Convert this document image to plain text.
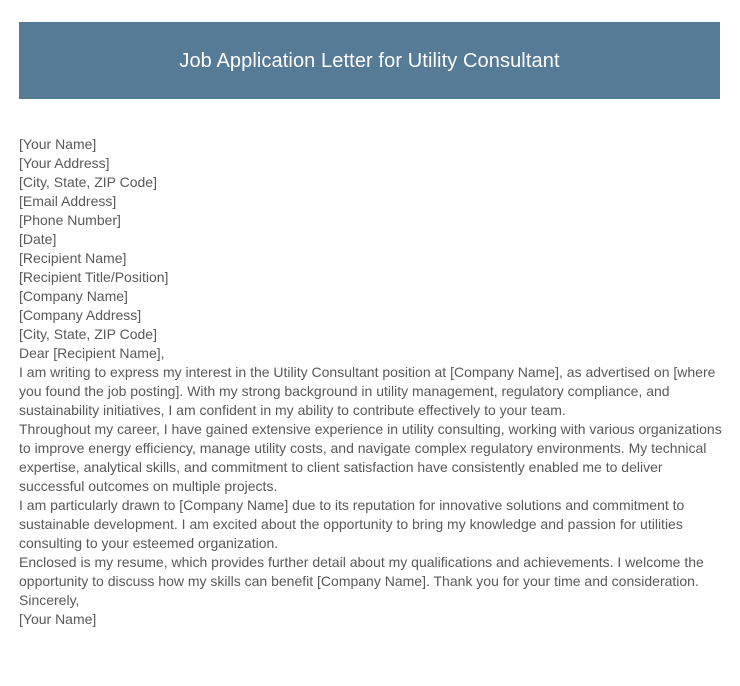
Job Application Letter for Utility Consultant
[Your Name]
[Your Address]
[City, State, ZIP Code]
[Email Address]
[Phone Number]
[Date]
[Recipient Name]
[Recipient Title/Position]
[Company Name]
[Company Address]
[City, State, ZIP Code]
Dear [Recipient Name],

I am writing to express my interest in the Utility Consultant position at [Company Name], as advertised on [where you found the job posting]. With my strong background in utility management, regulatory compliance, and sustainability initiatives, I am confident in my ability to contribute effectively to your team.

Throughout my career, I have gained extensive experience in utility consulting, working with various organizations to improve energy efficiency, manage utility costs, and navigate complex regulatory environments. My technical expertise, analytical skills, and commitment to client satisfaction have consistently enabled me to deliver successful outcomes on multiple projects.

I am particularly drawn to [Company Name] due to its reputation for innovative solutions and commitment to sustainable development. I am excited about the opportunity to bring my knowledge and passion for utilities consulting to your esteemed organization.

Enclosed is my resume, which provides further detail about my qualifications and achievements. I welcome the opportunity to discuss how my skills can benefit [Company Name]. Thank you for your time and consideration.

Sincerely,
[Your Name]
